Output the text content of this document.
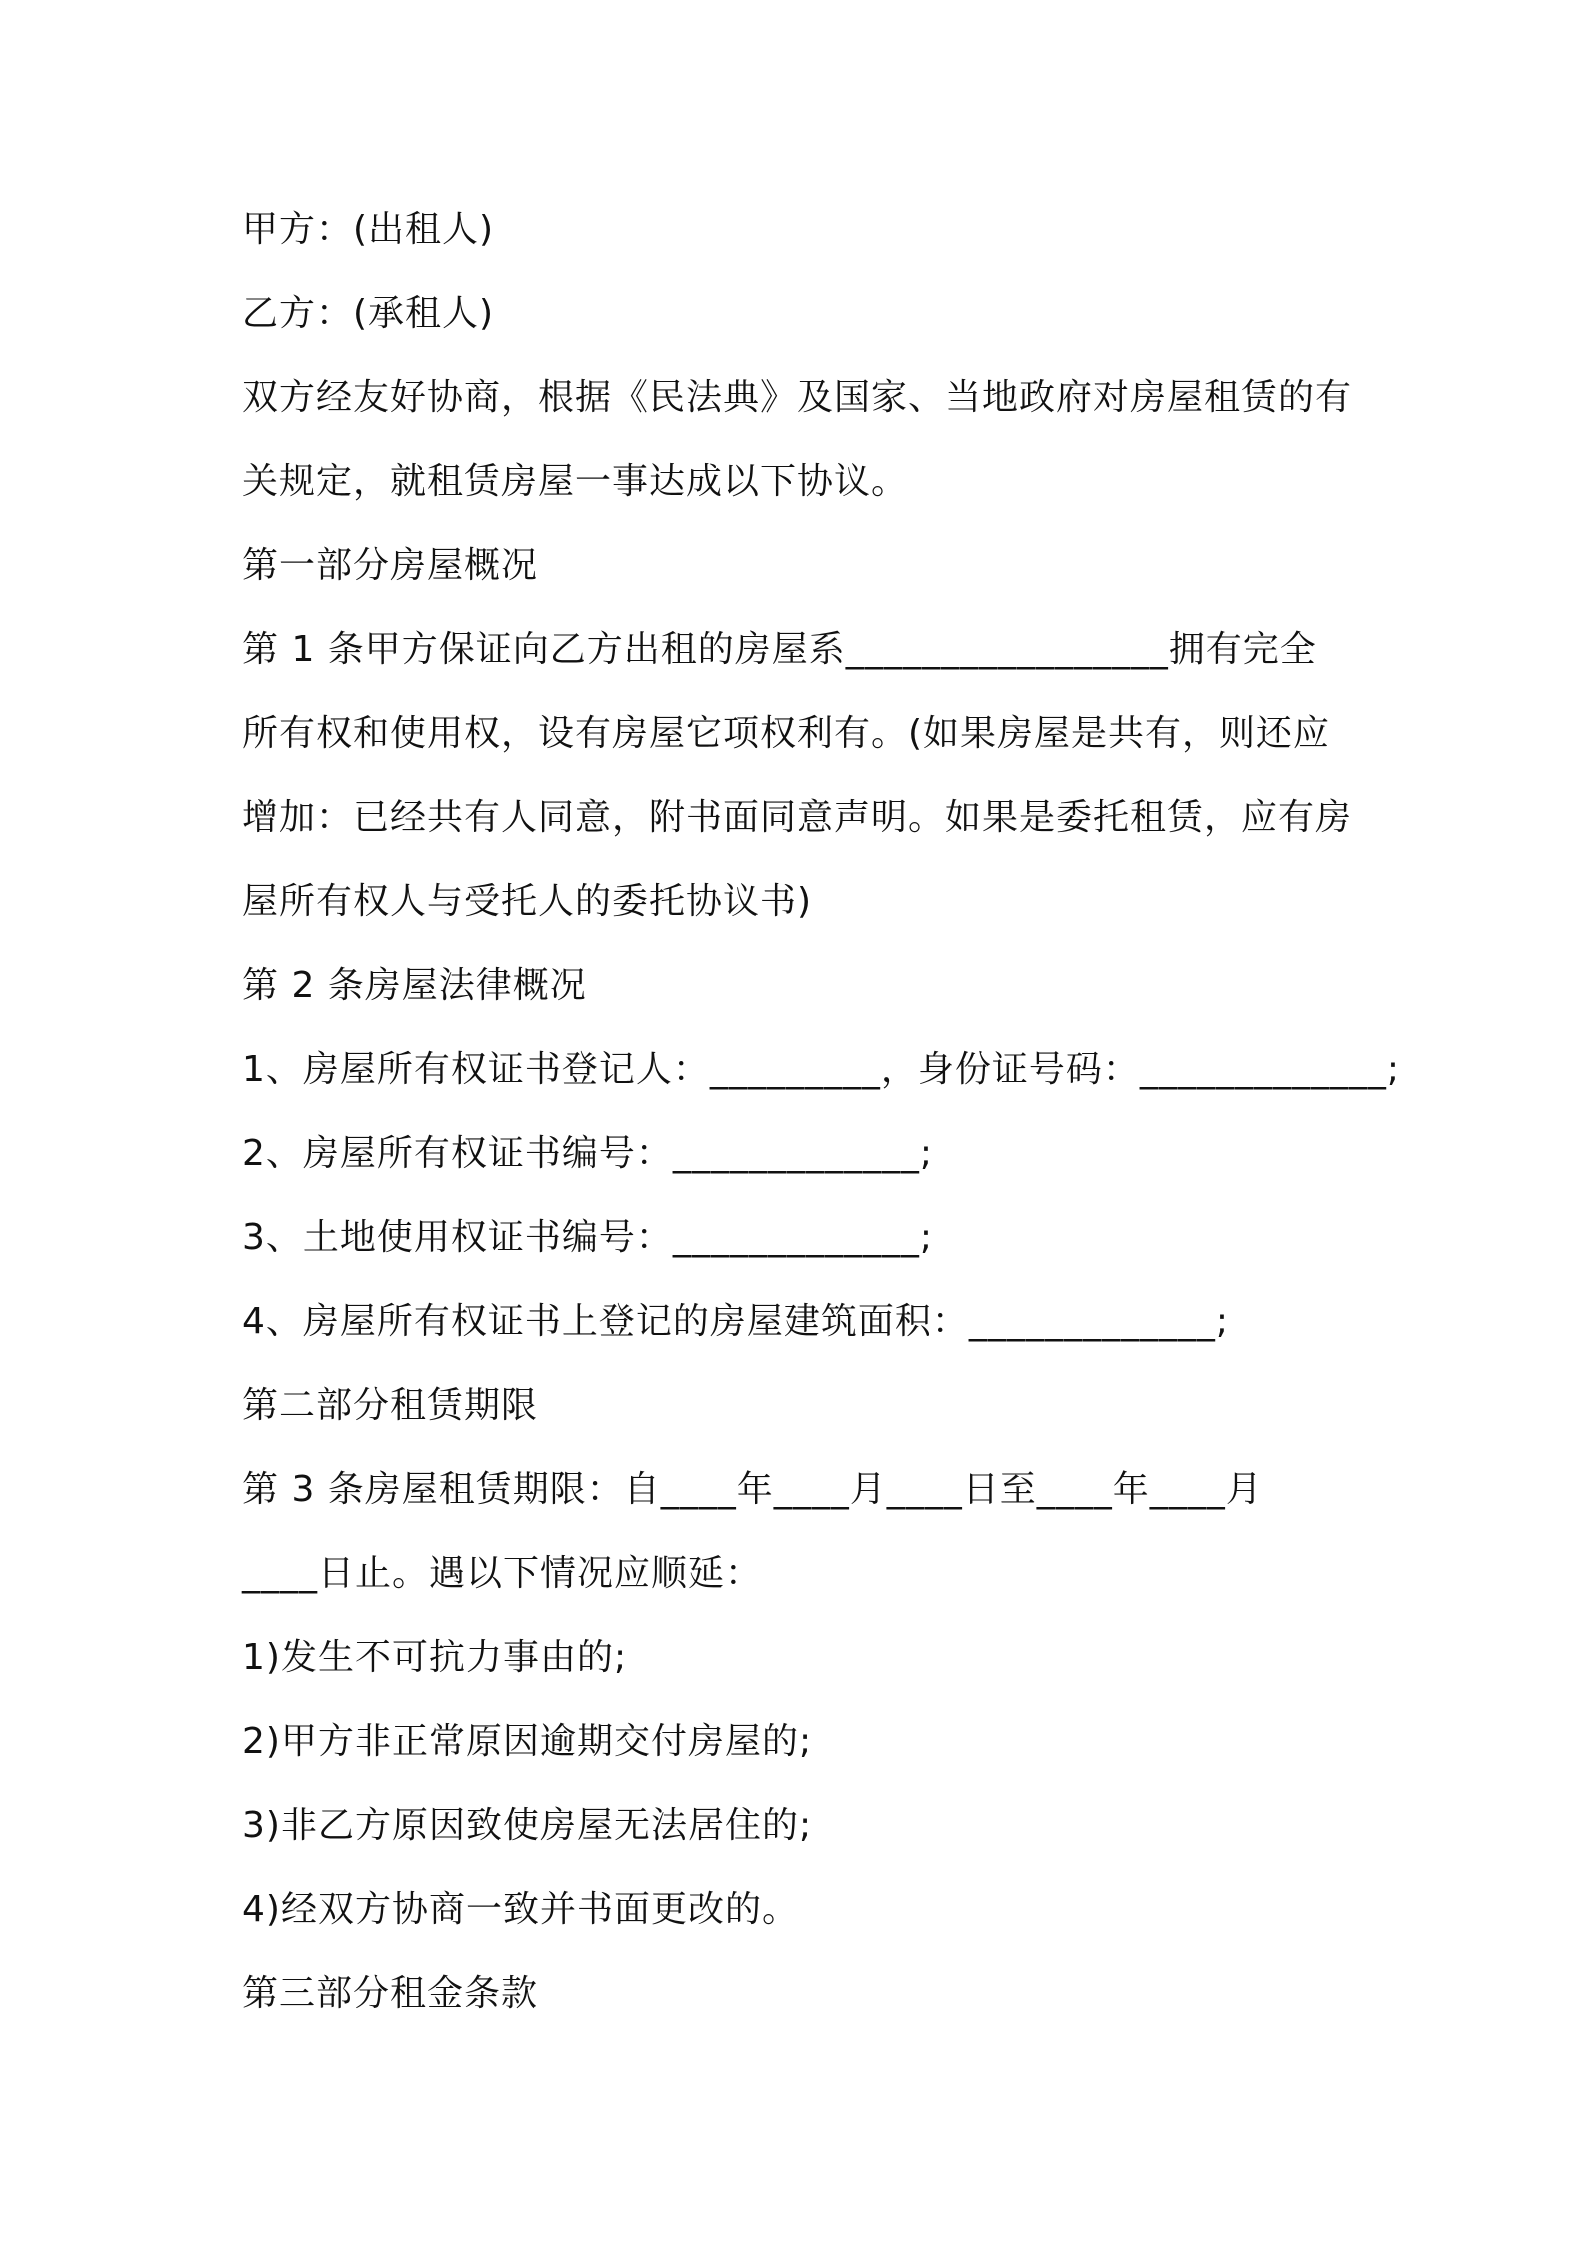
甲方：(出租人)
乙方：(承租人)
双方经友好协商，根据《民法典》及国家、当地政府对房屋租赁的有
关规定，就租赁房屋一事达成以下协议。
第一部分房屋概况
第 1 条甲方保证向乙方出租的房屋系_________________拥有完全
所有权和使用权，设有房屋它项权利有。(如果房屋是共有，则还应
增加：已经共有人同意，附书面同意声明。如果是委托租赁，应有房
屋所有权人与受托人的委托协议书)
第 2 条房屋法律概况
1、房屋所有权证书登记人：_________，身份证号码：_____________;
2、房屋所有权证书编号：_____________;
3、土地使用权证书编号：_____________;
4、房屋所有权证书上登记的房屋建筑面积：_____________;
第二部分租赁期限
第 3 条房屋租赁期限：自____年____月____日至____年____月
____日止。遇以下情况应顺延：
1)发生不可抗力事由的;
2)甲方非正常原因逾期交付房屋的;
3)非乙方原因致使房屋无法居住的;
4)经双方协商一致并书面更改的。
第三部分租金条款
